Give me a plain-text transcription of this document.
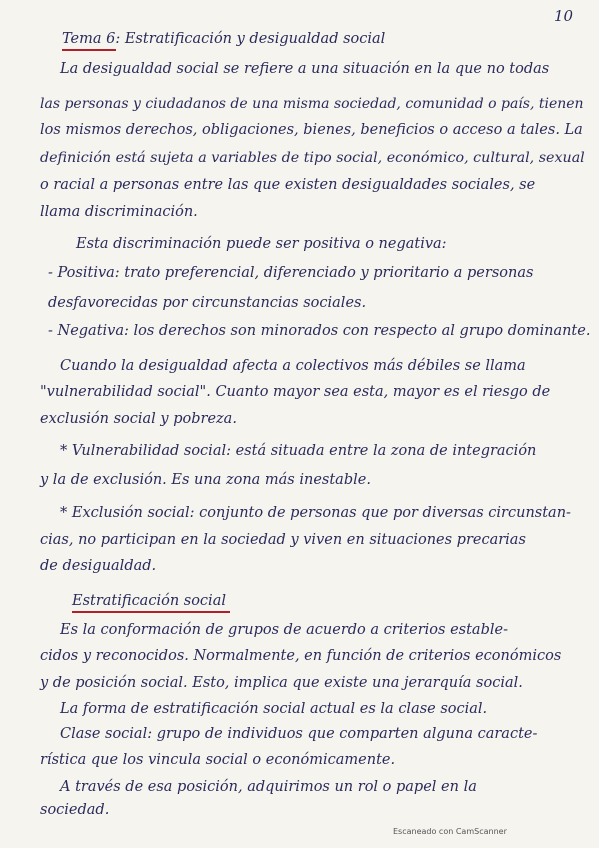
10
Tema 6: Estratificación y desigualdad social
La desigualdad social se refiere a una situación en la que no todas
las personas y ciudadanos de una misma sociedad, comunidad o país, tienen
los mismos derechos, obligaciones, bienes, beneficios o acceso a tales. La
definición está sujeta a variables de tipo social, económico, cultural, sexual
o racial a personas entre las que existen desigualdades sociales, se
llama discriminación.
Esta discriminación puede ser positiva o negativa:
- Positiva: trato preferencial, diferenciado y prioritario a personas
desfavorecidas por circunstancias sociales.
- Negativa: los derechos son minorados con respecto al grupo dominante.
Cuando la desigualdad afecta a colectivos más débiles se llama
"vulnerabilidad social". Cuanto mayor sea esta, mayor es el riesgo de
exclusión social y pobreza.
* Vulnerabilidad social: está situada entre la zona de integración
y la de exclusión. Es una zona más inestable.
* Exclusión social: conjunto de personas que por diversas circunstan-
cias, no participan en la sociedad y viven en situaciones precarias
de desigualdad.
Estratificación social
Es la conformación de grupos de acuerdo a criterios estable-
cidos y reconocidos. Normalmente, en función de criterios económicos
y de posición social. Esto, implica que existe una jerarquía social.
La forma de estratificación social actual es la clase social.
Clase social: grupo de individuos que comparten alguna caracte-
rística que los vincula social o económicamente.
A través de esa posición, adquirimos un rol o papel en la
sociedad.
Escaneado con CamScanner
